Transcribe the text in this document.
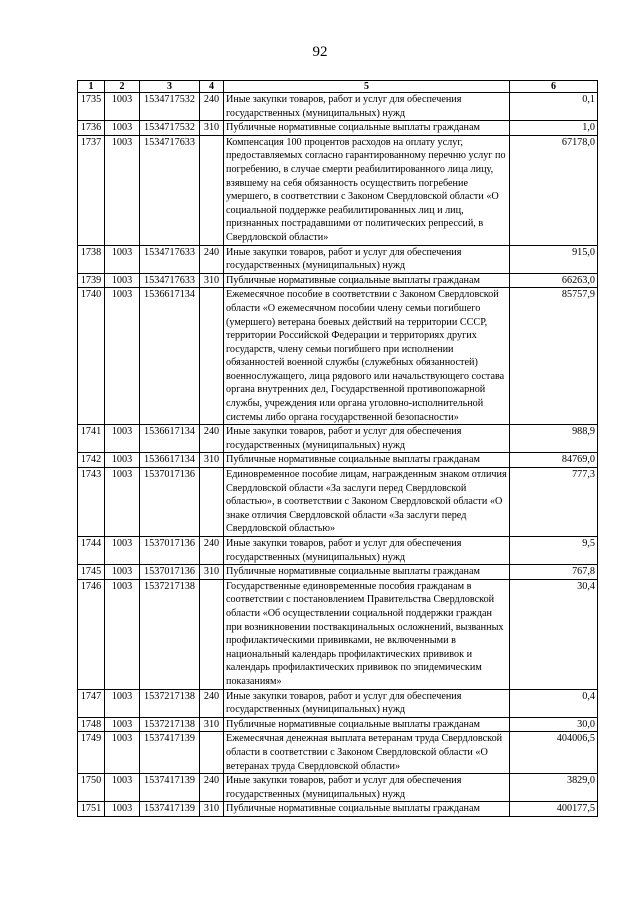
92
1	2	3	4	5	6
1735	1003	1534717532	240	Иные закупки товаров, работ и услуг для обеспечения государственных (муниципальных) нужд	0,1
1736	1003	1534717532	310	Публичные нормативные социальные выплаты гражданам	1,0
1737	1003	1534717633		Компенсация 100 процентов расходов на оплату услуг, предоставляемых согласно гарантированному перечню услуг по погребению, в случае смерти реабилитированного лица лицу, взявшему на себя обязанность осуществить погребение умершего, в соответствии с Законом Свердловской области «О социальной поддержке реабилитированных лиц и лиц, признанных пострадавшими от политических репрессий, в Свердловской области»	67178,0
1738	1003	1534717633	240	Иные закупки товаров, работ и услуг для обеспечения государственных (муниципальных) нужд	915,0
1739	1003	1534717633	310	Публичные нормативные социальные выплаты гражданам	66263,0
1740	1003	1536617134		Ежемесячное пособие в соответствии с Законом Свердловской области «О ежемесячном пособии члену семьи погибшего (умершего) ветерана боевых действий на территории СССР, территории Российской Федерации и территориях других государств, члену семьи погибшего при исполнении обязанностей военной службы (служебных обязанностей) военнослужащего, лица рядового или начальствующего состава органа внутренних дел, Государственной противопожарной службы, учреждения или органа уголовно-исполнительной системы либо органа государственной безопасности»	85757,9
1741	1003	1536617134	240	Иные закупки товаров, работ и услуг для обеспечения государственных (муниципальных) нужд	988,9
1742	1003	1536617134	310	Публичные нормативные социальные выплаты гражданам	84769,0
1743	1003	1537017136		Единовременное пособие лицам, награжденным знаком отличия Свердловской области «За заслуги перед Свердловской областью», в соответствии с Законом Свердловской области «О знаке отличия Свердловской области «За заслуги перед Свердловской областью»	777,3
1744	1003	1537017136	240	Иные закупки товаров, работ и услуг для обеспечения государственных (муниципальных) нужд	9,5
1745	1003	1537017136	310	Публичные нормативные социальные выплаты гражданам	767,8
1746	1003	1537217138		Государственные единовременные пособия гражданам в соответствии с постановлением Правительства Свердловской области «Об осуществлении социальной поддержки граждан при возникновении поствакцинальных осложнений, вызванных профилактическими прививками, не включенными в национальный календарь профилактических прививок и календарь профилактических прививок по эпидемическим показаниям»	30,4
1747	1003	1537217138	240	Иные закупки товаров, работ и услуг для обеспечения государственных (муниципальных) нужд	0,4
1748	1003	1537217138	310	Публичные нормативные социальные выплаты гражданам	30,0
1749	1003	1537417139		Ежемесячная денежная выплата ветеранам труда Свердловской области в соответствии с Законом Свердловской области «О ветеранах труда Свердловской области»	404006,5
1750	1003	1537417139	240	Иные закупки товаров, работ и услуг для обеспечения государственных (муниципальных) нужд	3829,0
1751	1003	1537417139	310	Публичные нормативные социальные выплаты гражданам	400177,5
